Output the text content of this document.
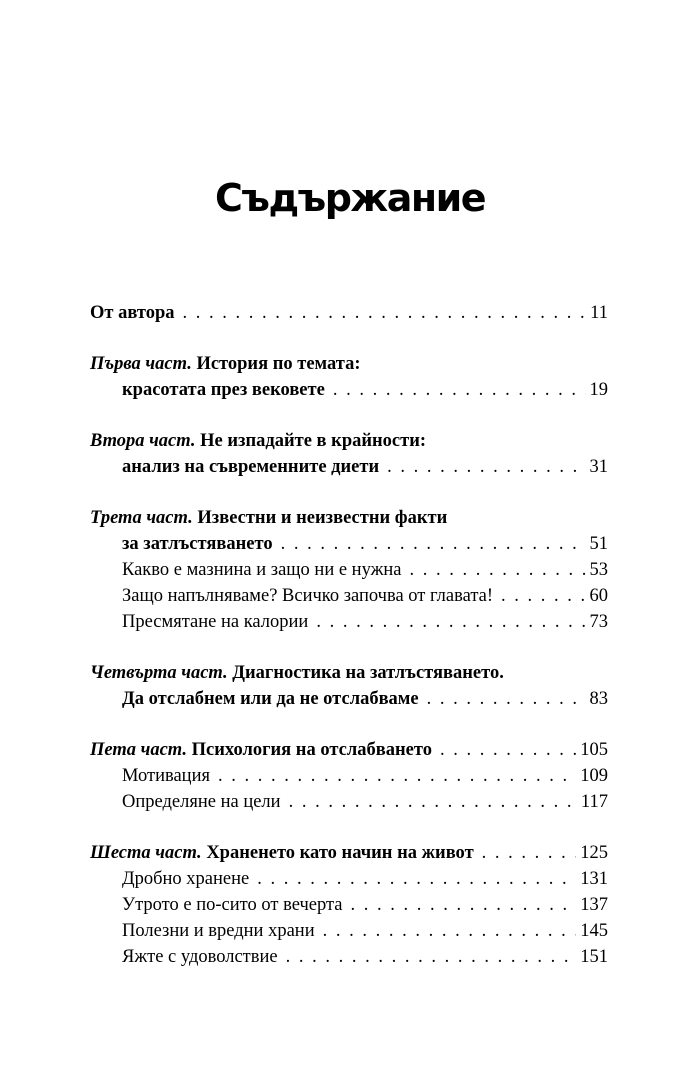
Съдържание
От автора . . .	11
Първа част.
История по темата:
красотата през вековете . . .	19
Втора част.
Не изпадайте в крайности:
анализ на съвременните диети . . .	31
Трета част.
Известни и неизвестни факти
за затлъстяването . . .	51
Какво е мазнина и защо ни е нужна . . .	53
Защо напълняваме? Всичко започва от главата! . . .	60
Пресмятане на калории . . .	73
Четвърта част.
Диагностика на затлъстяването.
Да отслабнем или да не отслабваме . . .	83
Пета част.
Психология на отслабването . . .	105
Мотивация . . .	109
Определяне на цели . . .	117
Шеста част.
Храненето като начин на живот . . .	125
Дробно хранене . . .	131
Утрото е по-сито от вечерта . . .	137
Полезни и вредни храни . . .	145
Яжте с удоволствие . . .	151
